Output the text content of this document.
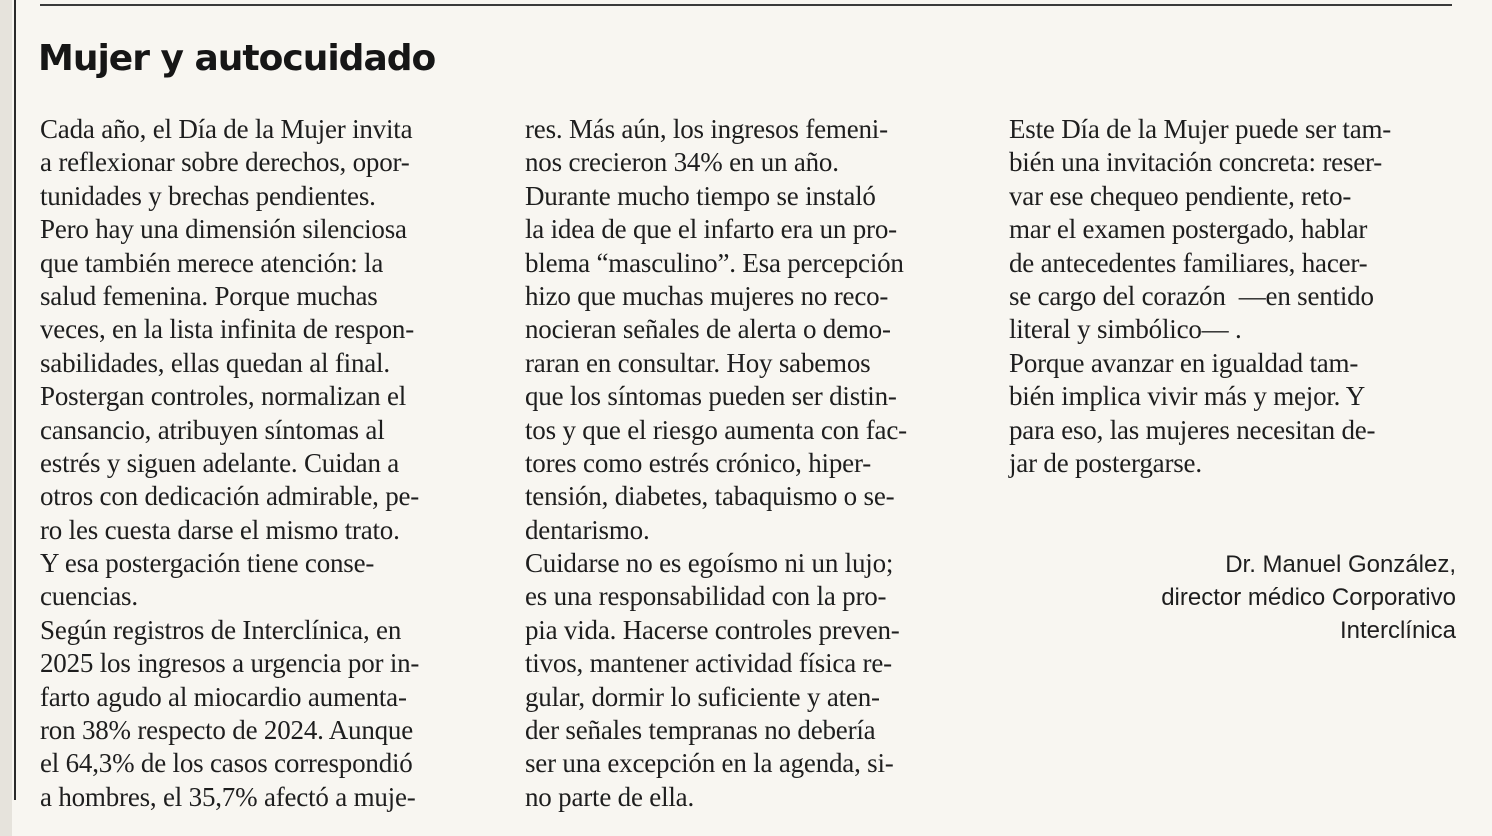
Mujer y autocuidado
Cada año, el Día de la Mujer invita
a reflexionar sobre derechos, opor-
tunidades y brechas pendientes.
Pero hay una dimensión silenciosa
que también merece atención: la
salud femenina. Porque muchas
veces, en la lista infinita de respon-
sabilidades, ellas quedan al final.
Postergan controles, normalizan el
cansancio, atribuyen síntomas al
estrés y siguen adelante. Cuidan a
otros con dedicación admirable, pe-
ro les cuesta darse el mismo trato.
Y esa postergación tiene conse-
cuencias.
Según registros de Interclínica, en
2025 los ingresos a urgencia por in-
farto agudo al miocardio aumenta-
ron 38% respecto de 2024. Aunque
el 64,3% de los casos correspondió
a hombres, el 35,7% afectó a muje-
res. Más aún, los ingresos femeni-
nos crecieron 34% en un año.
Durante mucho tiempo se instaló
la idea de que el infarto era un pro-
blema “masculino”. Esa percepción
hizo que muchas mujeres no reco-
nocieran señales de alerta o demo-
raran en consultar. Hoy sabemos
que los síntomas pueden ser distin-
tos y que el riesgo aumenta con fac-
tores como estrés crónico, hiper-
tensión, diabetes, tabaquismo o se-
dentarismo.
Cuidarse no es egoísmo ni un lujo;
es una responsabilidad con la pro-
pia vida. Hacerse controles preven-
tivos, mantener actividad física re-
gular, dormir lo suficiente y aten-
der señales tempranas no debería
ser una excepción en la agenda, si-
no parte de ella.
Este Día de la Mujer puede ser tam-
bién una invitación concreta: reser-
var ese chequeo pendiente, reto-
mar el examen postergado, hablar
de antecedentes familiares, hacer-
se cargo del corazón  —en sentido
literal y simbólico— .
Porque avanzar en igualdad tam-
bién implica vivir más y mejor. Y
para eso, las mujeres necesitan de-
jar de postergarse.
Dr. Manuel González,
director médico Corporativo
Interclínica
